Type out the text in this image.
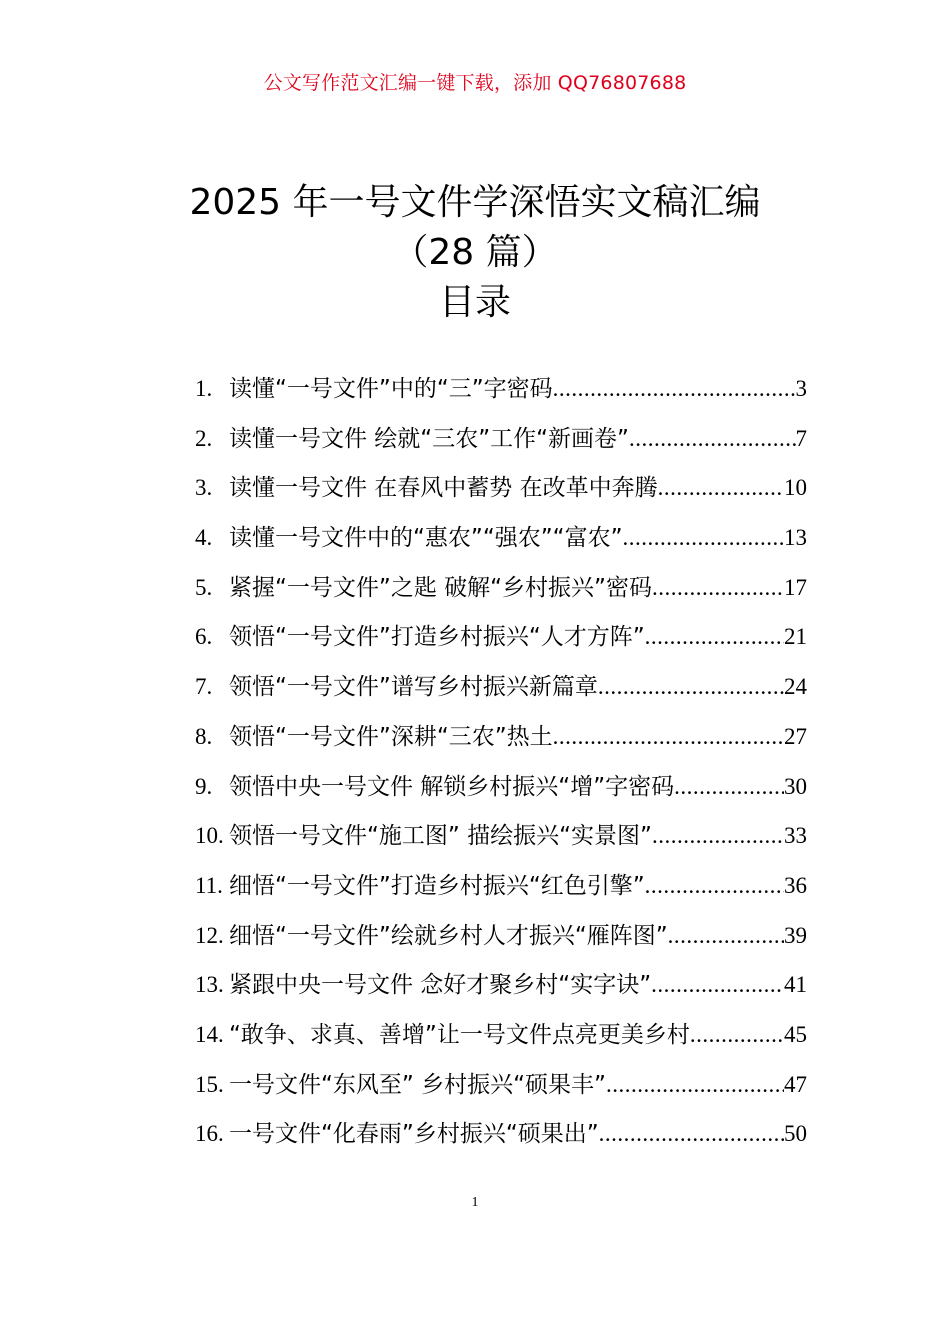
公文写作范文汇编一键下载，添加 QQ76807688
2025 年一号文件学深悟实文稿汇编
（28 篇）
目录
1. 读懂“一号文件”中的“三”字密码 .....	3
2. 读懂一号文件 绘就“三农”工作“新画卷” .....	7
3. 读懂一号文件 在春风中蓄势 在改革中奔腾 .....	10
4. 读懂一号文件中的“惠农”“强农”“富农” .....	13
5. 紧握“一号文件”之匙 破解“乡村振兴”密码 .....	17
6. 领悟“一号文件”打造乡村振兴“人才方阵” .....	21
7. 领悟“一号文件”谱写乡村振兴新篇章 .....	24
8. 领悟“一号文件”深耕“三农”热土 .....	27
9. 领悟中央一号文件 解锁乡村振兴“增”字密码 .....	30
10. 领悟一号文件“施工图” 描绘振兴“实景图” .....	33
11. 细悟“一号文件”打造乡村振兴“红色引擎” .....	36
12. 细悟“一号文件”绘就乡村人才振兴“雁阵图” .....	39
13. 紧跟中央一号文件 念好才聚乡村“实字诀” .....	41
14. “敢争、求真、善增”让一号文件点亮更美乡村 .....	45
15. 一号文件“东风至” 乡村振兴“硕果丰” .....	47
16. 一号文件“化春雨”乡村振兴“硕果出” .....	50
1
